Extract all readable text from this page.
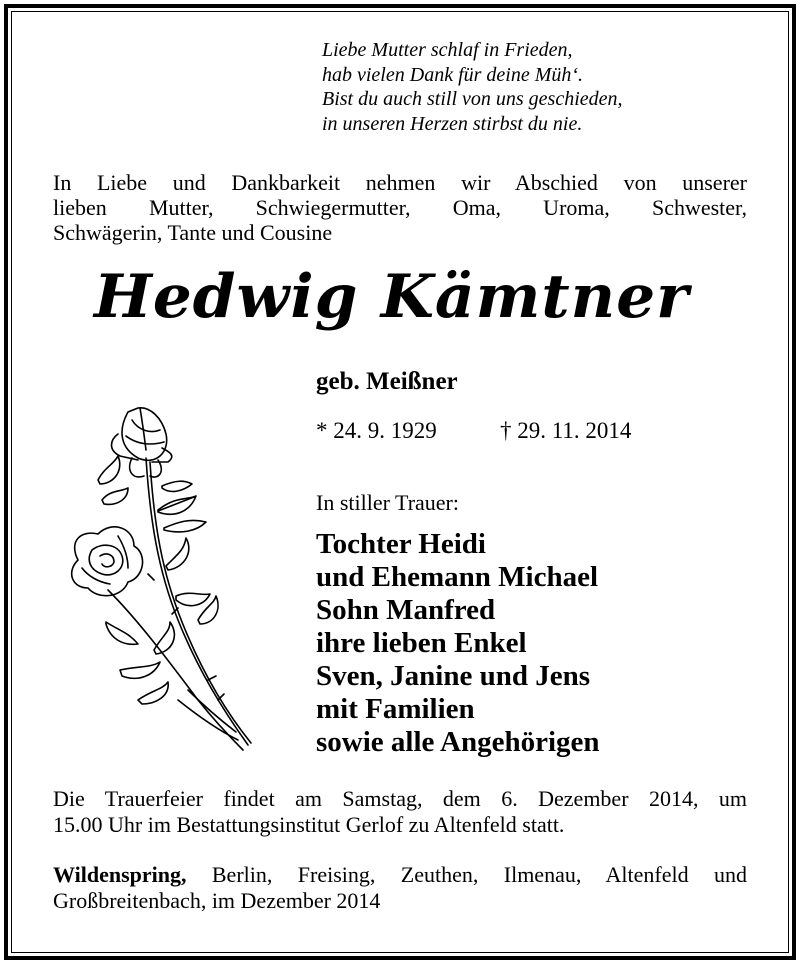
Liebe Mutter schlaf in Frieden,
hab vielen Dank für deine Müh‘.
Bist du auch still von uns geschieden,
in unseren Herzen stirbst du nie.
In Liebe und Dankbarkeit nehmen wir Abschied von unserer
lieben Mutter, Schwiegermutter, Oma, Uroma, Schwester,
Schwägerin, Tante und Cousine
Hedwig Kämtner
geb. Meißner
* 24. 9. 1929	† 29. 11. 2014
In stiller Trauer:
Tochter Heidi
und Ehemann Michael
Sohn Manfred
ihre lieben Enkel
Sven, Janine und Jens
mit Familien
sowie alle Angehörigen
Die Trauerfeier findet am Samstag, dem 6. Dezember 2014, um
15.00 Uhr im Bestattungsinstitut Gerlof zu Altenfeld statt.
Wildenspring, Berlin, Freising, Zeuthen, Ilmenau, Altenfeld und
Großbreitenbach, im Dezember 2014
